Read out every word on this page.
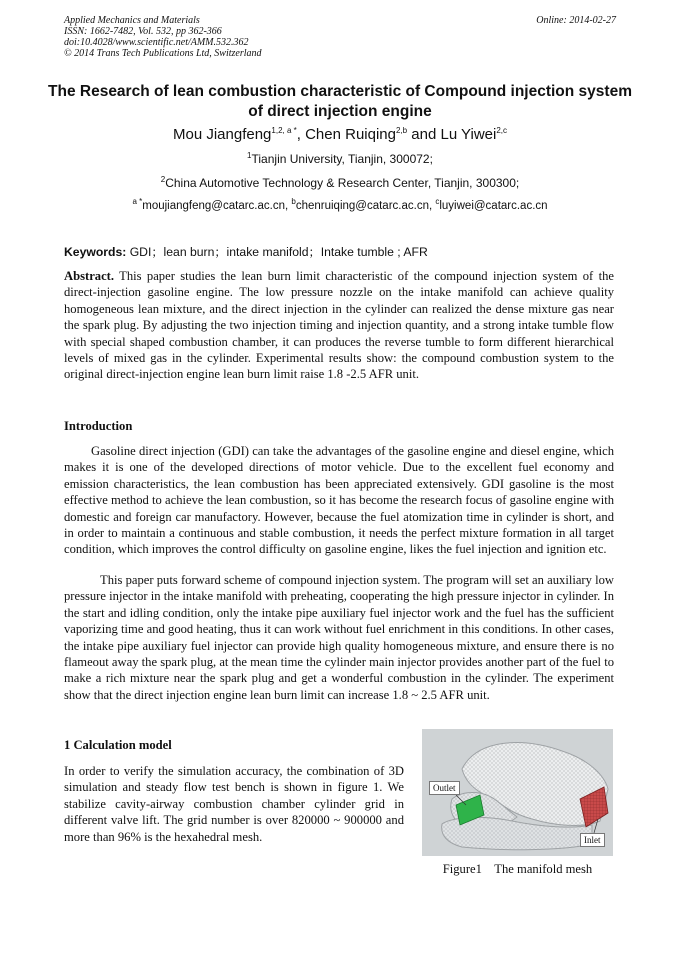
Applied Mechanics and Materials
ISSN: 1662-7482, Vol. 532, pp 362-366
doi:10.4028/www.scientific.net/AMM.532.362
© 2014 Trans Tech Publications Ltd, Switzerland
Online: 2014-02-27
The Research of lean combustion characteristic of Compound injection system of direct injection engine
Mou Jiangfeng$^{1,2, a *}$, Chen Ruiqing$^{2,b}$ and Lu Yiwei$^{2,c}$
$^1$Tianjin University, Tianjin, 300072;
$^2$China Automotive Technology & Research Center, Tianjin, 300300;
$^{a *}$moujiangfeng@catarc.ac.cn, $^b$chenruiqing@catarc.ac.cn, $^c$luyiwei@catarc.ac.cn
Keywords: GDI；lean burn；intake manifold；Intake tumble ; AFR
Abstract. This paper studies the lean burn limit characteristic of the compound injection system of the direct-injection gasoline engine. The low pressure nozzle on the intake manifold can achieve quality homogeneous lean mixture, and the direct injection in the cylinder can realized the dense mixture gas near the spark plug. By adjusting the two injection timing and injection quantity, and a strong intake tumble flow with special shaped combustion chamber, it can produces the reverse tumble to form different hierarchical levels of mixed gas in the cylinder. Experimental results show: the compound combustion system to the original direct-injection engine lean burn limit raise 1.8 -2.5 AFR unit.
Introduction
Gasoline direct injection (GDI) can take the advantages of the gasoline engine and diesel engine, which makes it is one of the developed directions of motor vehicle. Due to the excellent fuel economy and emission characteristics, the lean combustion has been appreciated extensively. GDI gasoline is the most effective method to achieve the lean combustion, so it has become the research focus of gasoline engine with domestic and foreign car manufactory. However, because the fuel atomization time in cylinder is short, and in order to maintain a continuous and stable combustion, it needs the perfect mixture formation in all target condition, which improves the control difficulty on gasoline engine, likes the fuel injection and ignition etc.
This paper puts forward scheme of compound injection system. The program will set an auxiliary low pressure injector in the intake manifold with preheating, cooperating the high pressure injector in cylinder. In the start and idling condition, only the intake pipe auxiliary fuel injector work and the fuel has the sufficient vaporizing time and good heating, thus it can work without fuel enrichment in this conditions. In other cases, the intake pipe auxiliary fuel injector can provide high quality homogeneous mixture, and ensure there is no flameout away the spark plug, at the mean time the cylinder main injector provides another part of the fuel to make a rich mixture near the spark plug and get a wonderful combustion in the cylinder. The experiment show that the direct injection engine lean burn limit can increase 1.8 ~ 2.5 AFR unit.
1 Calculation model
In order to verify the simulation accuracy, the combination of 3D simulation and steady flow test bench is shown in figure 1. We stabilize cavity-airway combustion chamber cylinder grid in different valve lift. The grid number is over 820000 ~ 900000 and more than 96% is the hexahedral mesh.
Outlet
Inlet
Figure1    The manifold mesh
